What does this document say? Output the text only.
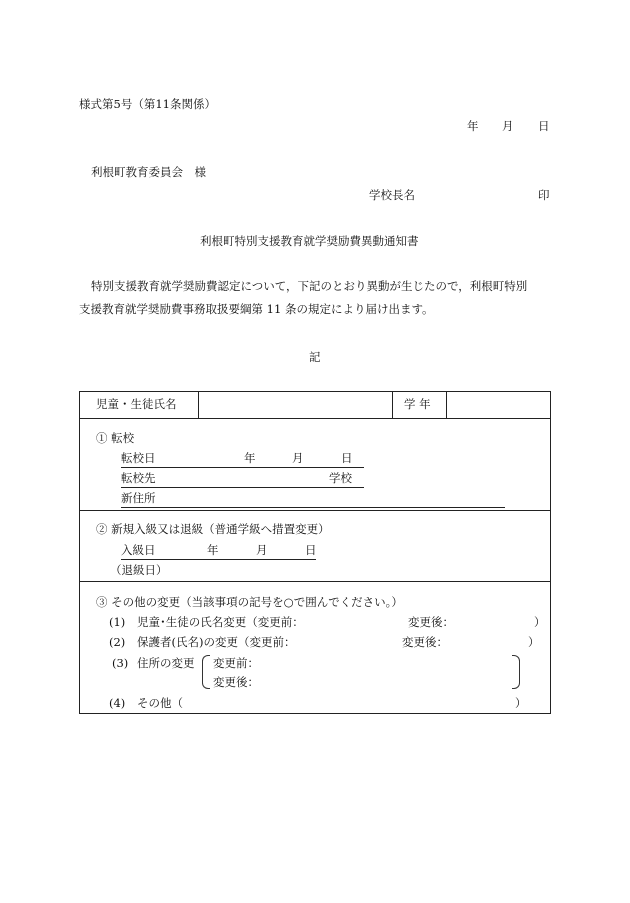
様式第5号（第11条関係）
年 月 日
利根町教育委員会　様
学校長名	印
利根町特別支援教育就学奨励費異動通知書
特別支援教育就学奨励費認定について，下記のとおり異動が生じたので，利根町特別
支援教育就学奨励費事務取扱要綱第 11 条の規定により届け出ます。
記
児童・生徒氏名	学 年
① 転校
転校日	年	月	日
転校先	学校
新住所
② 新規入級又は退級（普通学級へ措置変更）
入級日	年	月	日
（退級日）
③ その他の変更（当該事項の記号を○で囲んでください。）
(1) 児童･生徒の氏名変更（変更前：	変更後：	）
(2) 保護者(氏名)の変更（変更前：	変更後：	）
(3) 住所の変更 変更前：
変更後：
(4) その他（	）
